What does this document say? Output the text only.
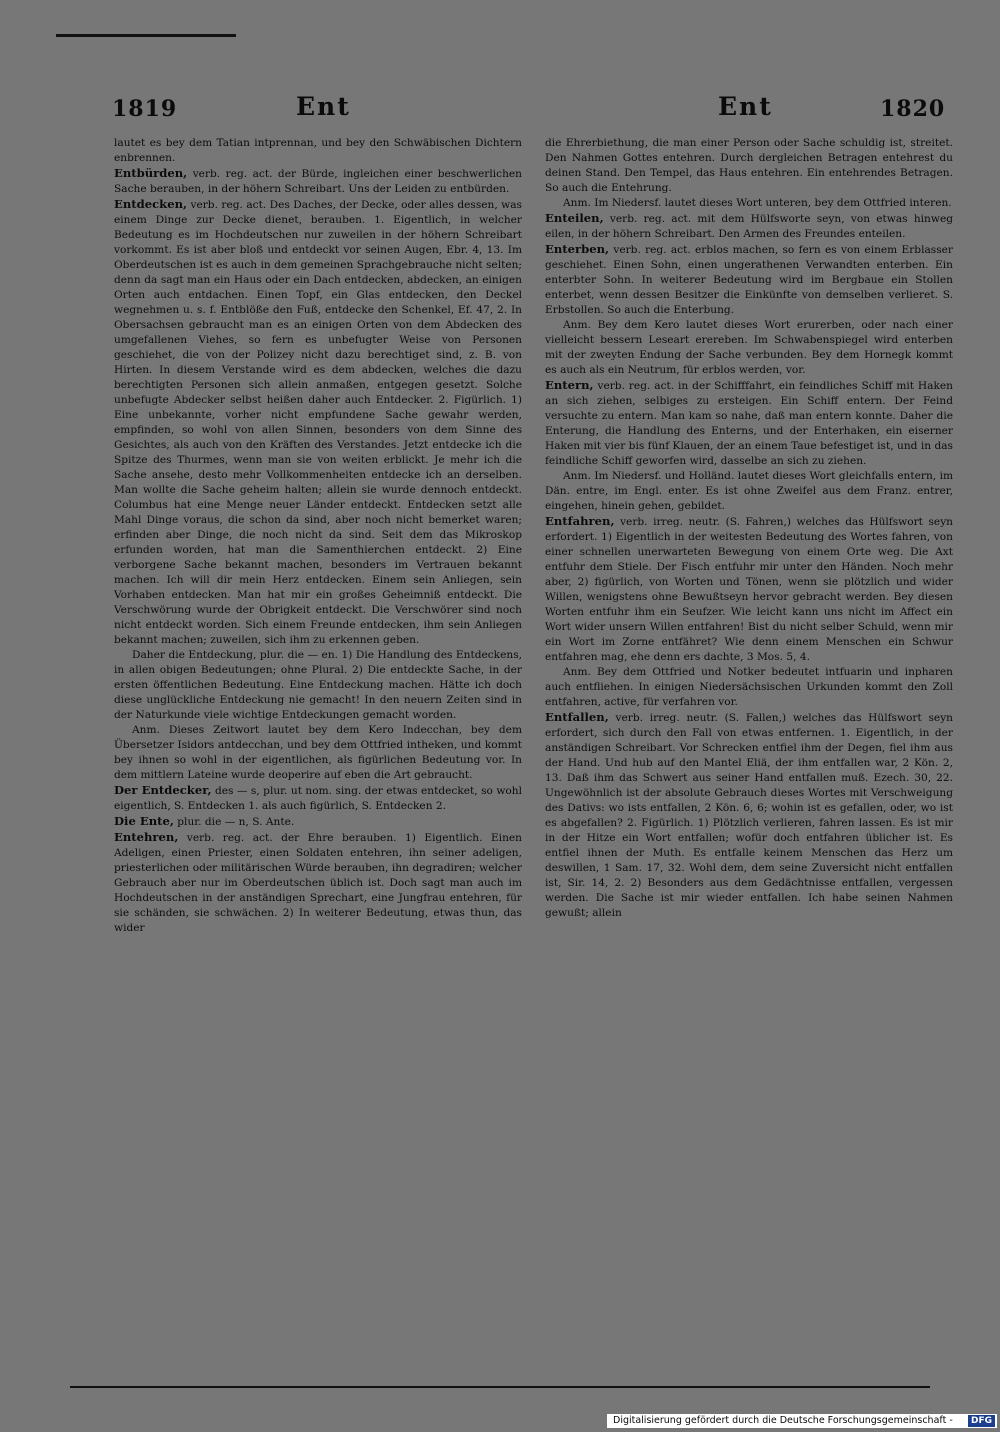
1819	Ent	Ent	1820

lautet es bey dem Tatian intprennan, und bey den Schwäbischen Dichtern enbrennen.

Entbürden, verb. reg. act. der Bürde, ingleichen einer beschwerlichen Sache berauben, in der höhern Schreibart. Uns der Leiden zu entbürden.

Entdecken, verb. reg. act. Des Daches, der Decke, oder alles dessen, was einem Dinge zur Decke dienet, berauben. 1. Eigentlich, in welcher Bedeutung es im Hochdeutschen nur zuweilen in der höhern Schreibart vorkommt. Es ist aber bloß und entdeckt vor seinen Augen, Ebr. 4, 13. Im Oberdeutschen ist es auch in dem gemeinen Sprachgebrauche nicht selten; denn da sagt man ein Haus oder ein Dach entdecken, abdecken, an einigen Orten auch entdachen. Einen Topf, ein Glas entdecken, den Deckel wegnehmen u. s. f. Entblöße den Fuß, entdecke den Schenkel, Ef. 47, 2. In Obersachsen gebraucht man es an einigen Orten von dem Abdecken des umgefallenen Viehes, so fern es unbefugter Weise von Personen geschiehet, die von der Polizey nicht dazu berechtiget sind, z. B. von Hirten. In diesem Verstande wird es dem abdecken, welches die dazu berechtigten Personen sich allein anmaßen, entgegen gesetzt. Solche unbefugte Abdecker selbst heißen daher auch Entdecker. 2. Figürlich. 1) Eine unbekannte, vorher nicht empfundene Sache gewahr werden, empfinden, so wohl von allen Sinnen, besonders von dem Sinne des Gesichtes, als auch von den Kräften des Verstandes. Jetzt entdecke ich die Spitze des Thurmes, wenn man sie von weiten erblickt. Je mehr ich die Sache ansehe, desto mehr Vollkommenheiten entdecke ich an derselben. Man wollte die Sache geheim halten; allein sie wurde dennoch entdeckt. Columbus hat eine Menge neuer Länder entdeckt. Entdecken setzt alle Mahl Dinge voraus, die schon da sind, aber noch nicht bemerket waren; erfinden aber Dinge, die noch nicht da sind. Seit dem das Mikroskop erfunden worden, hat man die Samenthierchen entdeckt. 2) Eine verborgene Sache bekannt machen, besonders im Vertrauen bekannt machen. Ich will dir mein Herz entdecken. Einem sein Anliegen, sein Vorhaben entdecken. Man hat mir ein großes Geheimniß entdeckt. Die Verschwörung wurde der Obrigkeit entdeckt. Die Verschwörer sind noch nicht entdeckt worden. Sich einem Freunde entdecken, ihm sein Anliegen bekannt machen; zuweilen, sich ihm zu erkennen geben.

Daher die Entdeckung, plur. die — en. 1) Die Handlung des Entdeckens, in allen obigen Bedeutungen; ohne Plural. 2) Die entdeckte Sache, in der ersten öffentlichen Bedeutung. Eine Entdeckung machen. Hätte ich doch diese unglückliche Entdeckung nie gemacht! In den neuern Zeiten sind in der Naturkunde viele wichtige Entdeckungen gemacht worden.

Anm. Dieses Zeitwort lautet bey dem Kero Indecchan, bey dem Übersetzer Isidors antdecchan, und bey dem Ottfried intheken, und kommt bey ihnen so wohl in der eigentlichen, als figürlichen Bedeutung vor. In dem mittlern Lateine wurde deoperire auf eben die Art gebraucht.

Der Entdecker, des — s, plur. ut nom. sing. der etwas entdecket, so wohl eigentlich, S. Entdecken 1. als auch figürlich, S. Entdecken 2.

Die Ente, plur. die — n, S. Ante.

Entehren, verb. reg. act. der Ehre berauben. 1) Eigentlich. Einen Adeligen, einen Priester, einen Soldaten entehren, ihn seiner adeligen, priesterlichen oder militärischen Würde berauben, ihn degradiren; welcher Gebrauch aber nur im Oberdeutschen üblich ist. Doch sagt man auch im Hochdeutschen in der anständigen Sprechart, eine Jungfrau entehren, für sie schänden, sie schwächen. 2) In weiterer Bedeutung, etwas thun, das wider

die Ehrerbiethung, die man einer Person oder Sache schuldig ist, streitet. Den Nahmen Gottes entehren. Durch dergleichen Betragen entehrest du deinen Stand. Den Tempel, das Haus entehren. Ein entehrendes Betragen. So auch die Entehrung.

Anm. Im Niedersf. lautet dieses Wort unteren, bey dem Ottfried interen.

Enteilen, verb. reg. act. mit dem Hülfsworte seyn, von etwas hinweg eilen, in der höhern Schreibart. Den Armen des Freundes enteilen.

Enterben, verb. reg. act. erblos machen, so fern es von einem Erblasser geschiehet. Einen Sohn, einen ungerathenen Verwandten enterben. Ein enterbter Sohn. In weiterer Bedeutung wird im Bergbaue ein Stollen enterbet, wenn dessen Besitzer die Einkünfte von demselben verlieret. S. Erbstollen. So auch die Enterbung.

Anm. Bey dem Kero lautet dieses Wort erurerben, oder nach einer vielleicht bessern Leseart erereben. Im Schwabenspiegel wird enterben mit der zweyten Endung der Sache verbunden. Bey dem Hornegk kommt es auch als ein Neutrum, für erblos werden, vor.

Entern, verb. reg. act. in der Schifffahrt, ein feindliches Schiff mit Haken an sich ziehen, selbiges zu ersteigen. Ein Schiff entern. Der Feind versuchte zu entern. Man kam so nahe, daß man entern konnte. Daher die Enterung, die Handlung des Enterns, und der Enterhaken, ein eiserner Haken mit vier bis fünf Klauen, der an einem Taue befestiget ist, und in das feindliche Schiff geworfen wird, dasselbe an sich zu ziehen.

Anm. Im Niedersf. und Holländ. lautet dieses Wort gleichfalls entern, im Dän. entre, im Engl. enter. Es ist ohne Zweifel aus dem Franz. entrer, eingehen, hinein gehen, gebildet.

Entfahren, verb. irreg. neutr. (S. Fahren,) welches das Hülfswort seyn erfordert. 1) Eigentlich in der weitesten Bedeutung des Wortes fahren, von einer schnellen unerwarteten Bewegung von einem Orte weg. Die Axt entfuhr dem Stiele. Der Fisch entfuhr mir unter den Händen. Noch mehr aber, 2) figürlich, von Worten und Tönen, wenn sie plötzlich und wider Willen, wenigstens ohne Bewußtseyn hervor gebracht werden. Bey diesen Worten entfuhr ihm ein Seufzer. Wie leicht kann uns nicht im Affect ein Wort wider unsern Willen entfahren! Bist du nicht selber Schuld, wenn mir ein Wort im Zorne entfähret? Wie denn einem Menschen ein Schwur entfahren mag, ehe denn ers dachte, 3 Mos. 5, 4.

Anm. Bey dem Ottfried und Notker bedeutet intfuarin und inpharen auch entfliehen. In einigen Niedersächsischen Urkunden kommt den Zoll entfahren, active, für verfahren vor.

Entfallen, verb. irreg. neutr. (S. Fallen,) welches das Hülfswort seyn erfordert, sich durch den Fall von etwas entfernen. 1. Eigentlich, in der anständigen Schreibart. Vor Schrecken entfiel ihm der Degen, fiel ihm aus der Hand. Und hub auf den Mantel Eliä, der ihm entfallen war, 2 Kön. 2, 13. Daß ihm das Schwert aus seiner Hand entfallen muß. Ezech. 30, 22. Ungewöhnlich ist der absolute Gebrauch dieses Wortes mit Verschweigung des Dativs: wo ists entfallen, 2 Kön. 6, 6; wohin ist es gefallen, oder, wo ist es abgefallen? 2. Figürlich. 1) Plötzlich verlieren, fahren lassen. Es ist mir in der Hitze ein Wort entfallen; wofür doch entfahren üblicher ist. Es entfiel ihnen der Muth. Es entfalle keinem Menschen das Herz um deswillen, 1 Sam. 17, 32. Wohl dem, dem seine Zuversicht nicht entfallen ist, Sir. 14, 2. 2) Besonders aus dem Gedächtnisse entfallen, vergessen werden. Die Sache ist mir wieder entfallen. Ich habe seinen Nahmen gewußt; allein

Digitalisierung gefördert durch die Deutsche Forschungsgemeinschaft -	DFG
